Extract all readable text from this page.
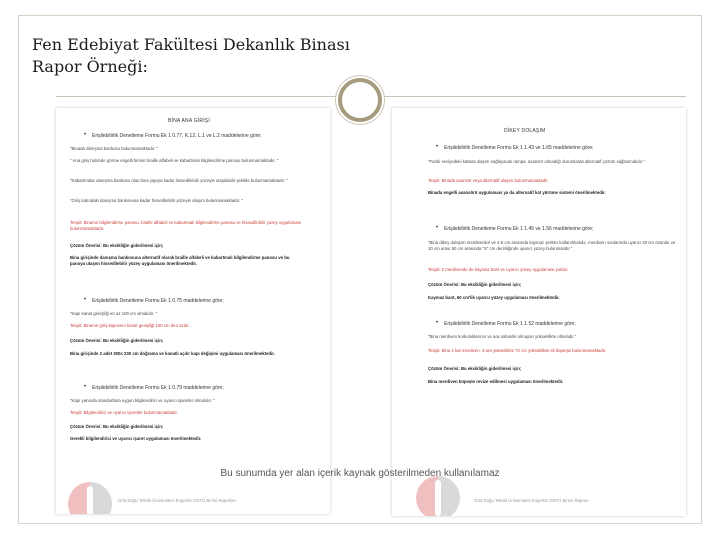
Fen Edebiyat Fakültesi Dekanlık Binası
Rapor Örneği:
BİNA ANA GİRİŞİ
• Erişilebilirlik Denetleme Formu Ek 1 0.77, K.12, L.1 ve L.2 maddelerine göre:
"Binada danışma bankosu bulunmamaktadır. "
" Ana giriş holünde görme engelli birinin braille alfabeli ve kabartmalı bilgilendirme panosu bulunmamaktadır. "
"Kabartmalar danışma bankosu olan bina yapıya kadar hissedilebilir yüzeyle ulaşılabilir şekilde bulunmamaktadır. "
"Giriş katındaki danışma bankosuna kadar hissedilebilir yüzeyle ulaşım bulunmamaktadır. "
Tespit: Binanın bilgilendirme panosu, braille alfabeli ve kabartmalı bilgilendirme panosu ve hissedilebilir yüzey uygulaması bulunmamaktadır.
Çözüm Önerisi: Bu eksikliğin giderilmesi için;
Bina girişinde danışma bankosuna alternatif olarak braille alfabeli ve kabartmalı bilgilendirme panosu ve bu panoya ulaşım hissedilebilir yüzey uygulaması önerilmektedir.
• Erişilebilirlik Denetleme Formu Ek 1 0.75 maddelerine göre;
"Kapı kanat genişliği en az 100 cm olmalıdır. "
Tespit: Binanın giriş kapısının kanat genişliği 100 cm den azdır.
Çözüm Önerisi: Bu eksikliğin giderilmesi için;
Bina girişinde 2 adet 300x 230 cm doğrama ve kanatlı açılır kapı değişimi uygulaması önerilmektedir.
• Erişilebilirlik Denetleme Formu Ek 1 0.79 maddelerine göre;
"Kapı yanında standartlara uygun bilgilendirici ve uyarıcı işaretler olmalıdır. "
Tespit: Bilgilendirici ve uyarıcı işaretler bulunmamaktadır.
Çözüm Önerisi: Bu eksikliğin giderilmesi için;
Gerekli bilgilendirici ve uyarıcı işaret uygulaması önerilmektedir.
Orta Doğu Teknik Üniversitesi Engelsiz ODTÜ Birimi Raporları
DİKEY DOLAŞIM
• Erişilebilirlik Denetleme Formu Ek 1 1.43 ve 1.65 maddelerine göre;
"Farklı seviyedeki katlara ulaşım sağlayacak rampa, asansör olmadığı durumlarda alternatif çözüm sağlanmalıdır."
Tespit: Binada asansör veya alternatif ulaşım bulunmamaktadır.
Binada engelli asansörü uygulaması ya da alternatif kat yürüme sistemi önerilmektedir.
• Erişilebilirlik Denetleme Formu Ek 1 1.45 ve 1.56 maddelerine göre;
"Bina dikey dolaşım merdivenleri ve 4-5 cm arasında kaymaz şeritler kullanılmalıdır, merdiven sonlarında uyarıcı 30 cm önünde ve 10 cm arası 50 cm arasında "S" cm derinliğinde uyarıcı yüzey bulunmalıdır."
Tespit: 2 merdivende de kaymaz bant ve uyarıcı yüzey uygulaması yoktur.
Çözüm Önerisi: Bu eksikliğin giderilmesi için;
Kaymaz bant, 60 cm'lik uyarıcı yüzey uygulaması önerilmektedir.
• Erişilebilirlik Denetleme Formu Ek 1 1.52 maddelerine göre;
"Bina merdiven korkuluklarının ve ara sahanlık olmayan yükseklikte olmalıdır."
Tespit: Bina 2 kat merdiven, 3 ara yükseklikte 70 cm yükseklikte ek küpeşte bulunmamaktadır.
Çözüm Önerisi: Bu eksikliğin giderilmesi için;
Bina merdiven küpeşte revize edilmesi uygulaması önerilmektedir.
Orta Doğu Teknik Üniversitesi Engelsiz ODTÜ Birimi Raporu
Bu sunumda yer alan içerik kaynak gösterilmeden kullanılamaz
